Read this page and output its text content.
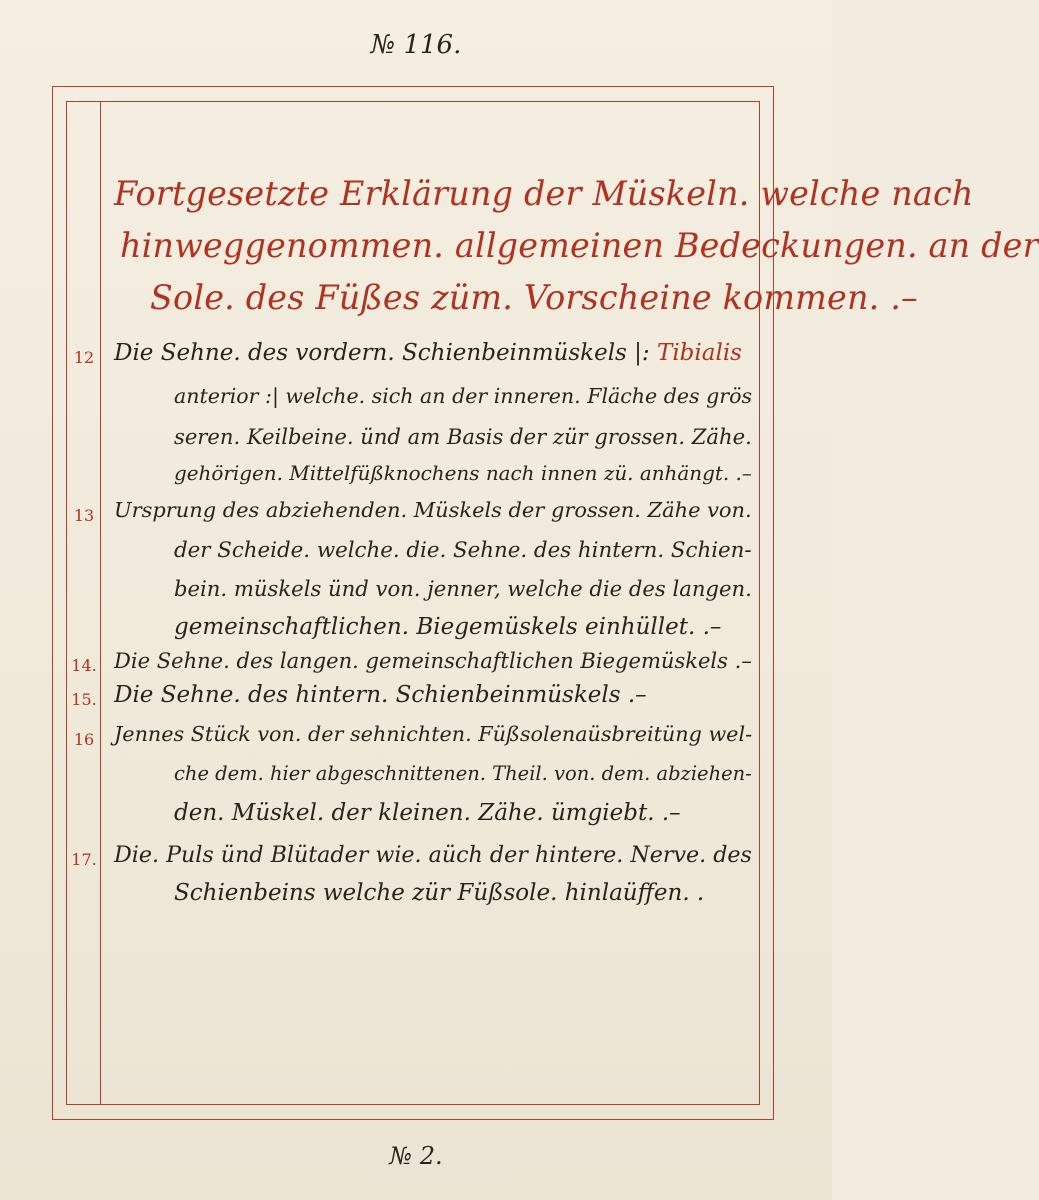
№ 116.
Fortgesetzte Erklärung der Müskeln. welche nach
hinweggenommen. allgemeinen Bedeckungen. an der
Sole. des Füßes züm. Vorscheine kommen. .–
12 Die Sehne. des vordern. Schienbeinmüskels |: Tibialis
anterior :| welche. sich an der inneren. Fläche des grös
seren. Keilbeine. ünd am Basis der zür grossen. Zähe.
gehörigen. Mittelfüßknochens nach innen zü. anhängt. .–
13 Ursprung des abziehenden. Müskels der grossen. Zähe von.
der Scheide. welche. die. Sehne. des hintern. Schien-
bein. müskels ünd von. jenner, welche die des langen.
gemeinschaftlichen. Biegemüskels einhüllet. .–
14. Die Sehne. des langen. gemeinschaftlichen Biegemüskels .–
15. Die Sehne. des hintern. Schienbeinmüskels .–
16 Jennes Stück von. der sehnichten. Füßsolenaüsbreitüng wel-
che dem. hier abgeschnittenen. Theil. von. dem. abziehen-
den. Müskel. der kleinen. Zähe. ümgiebt. .–
17. Die. Puls ünd Blütader wie. aüch der hintere. Nerve. des
Schienbeins welche zür Füßsole. hinlaüffen. .
№ 2.
